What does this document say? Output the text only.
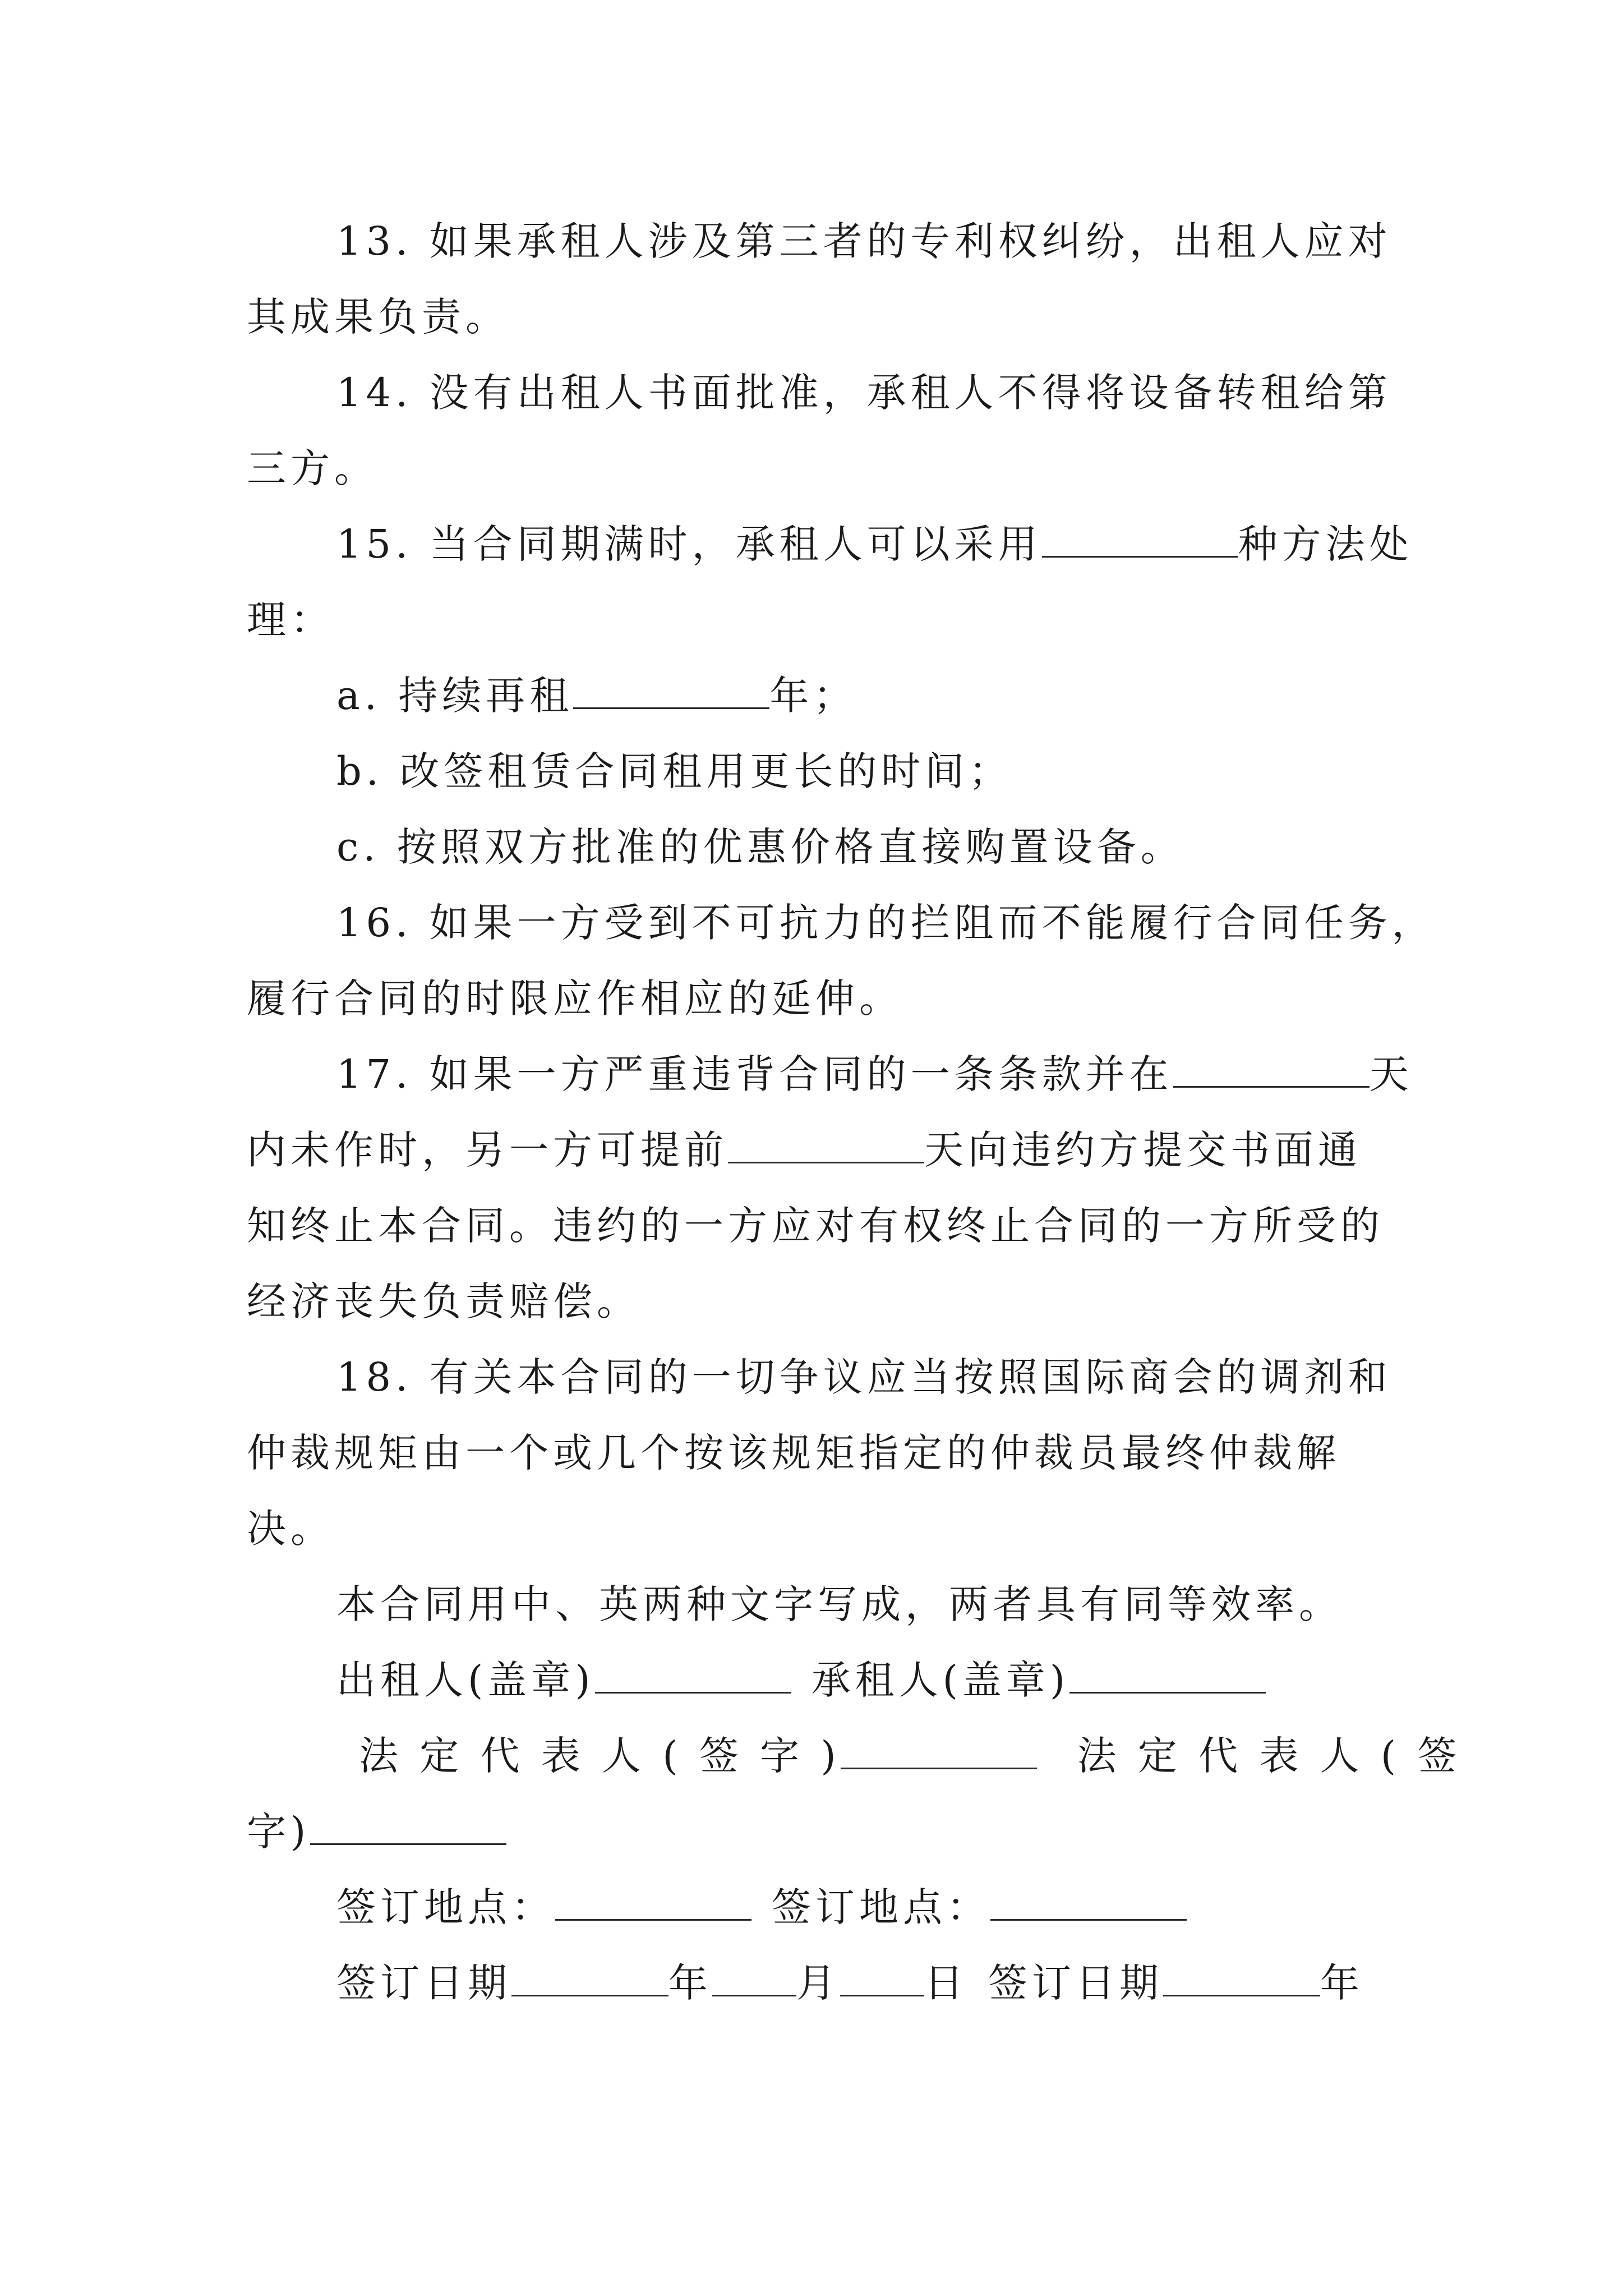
13. 如果承租人涉及第三者的专利权纠纷，出租人应对
其成果负责。
14. 没有出租人书面批准，承租人不得将设备转租给第
三方。
15. 当合同期满时，承租人可以采用	种方法处
理：
a. 持续再租	年；
b. 改签租赁合同租用更长的时间；
c. 按照双方批准的优惠价格直接购置设备。
16. 如果一方受到不可抗力的拦阻而不能履行合同任务，
履行合同的时限应作相应的延伸。
17. 如果一方严重违背合同的一条条款并在	天
内未作时，另一方可提前	天向违约方提交书面通
知终止本合同。违约的一方应对有权终止合同的一方所受的
经济丧失负责赔偿。
18. 有关本合同的一切争议应当按照国际商会的调剂和
仲裁规矩由一个或几个按该规矩指定的仲裁员最终仲裁解
决。
本合同用中、英两种文字写成，两者具有同等效率。
出租人(盖章)	承租人(盖章)
法 定 代 表 人 ( 签 字 )	法 定 代 表 人 ( 签
字)
签订地点：	签订地点：
签订日期	年 月 日 签订日期	年
